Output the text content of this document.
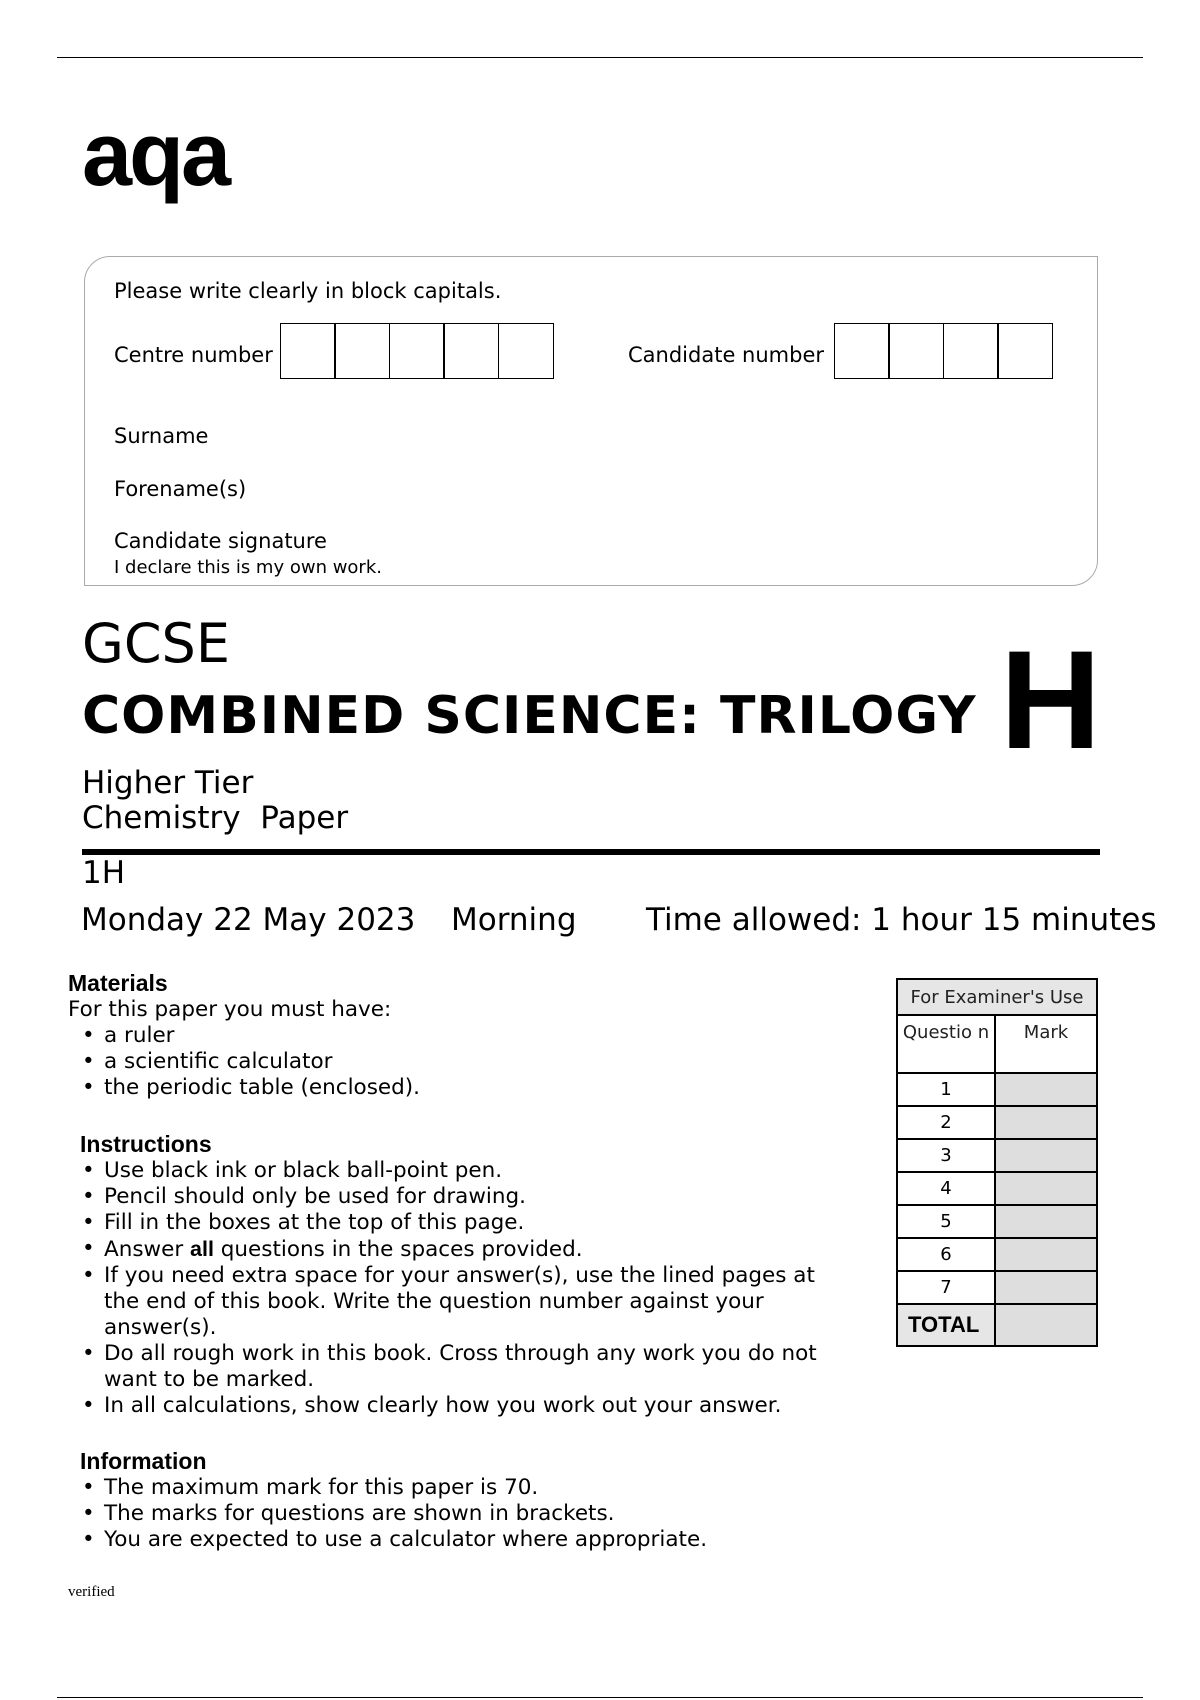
aqa
Please write clearly in block capitals.
Centre number	Candidate number
Surname
Forename(s)
Candidate signature
I declare this is my own work.
GCSE
COMBINED SCIENCE: TRILOGY H
Higher Tier
Chemistry  Paper
1H
Monday 22 May 2023 Morning Time allowed: 1 hour 15 minutes
Materials
For this paper you must have:
• a ruler
• a scientific calculator
• the periodic table (enclosed).
Instructions
• Use black ink or black ball-point pen.
• Pencil should only be used for drawing.
• Fill in the boxes at the top of this page.
• Answer all questions in the spaces provided.
• If you need extra space for your answer(s), use the lined pages at the end of this book. Write the question number against your answer(s).
• Do all rough work in this book. Cross through any work you do not want to be marked.
• In all calculations, show clearly how you work out your answer.
Information
• The maximum mark for this paper is 70.
• The marks for questions are shown in brackets.
• You are expected to use a calculator where appropriate.
For Examiner's Use	
Questio n	Mark
1	
2	
3	
4	
5	
6	
7	
TOTAL	
verified
